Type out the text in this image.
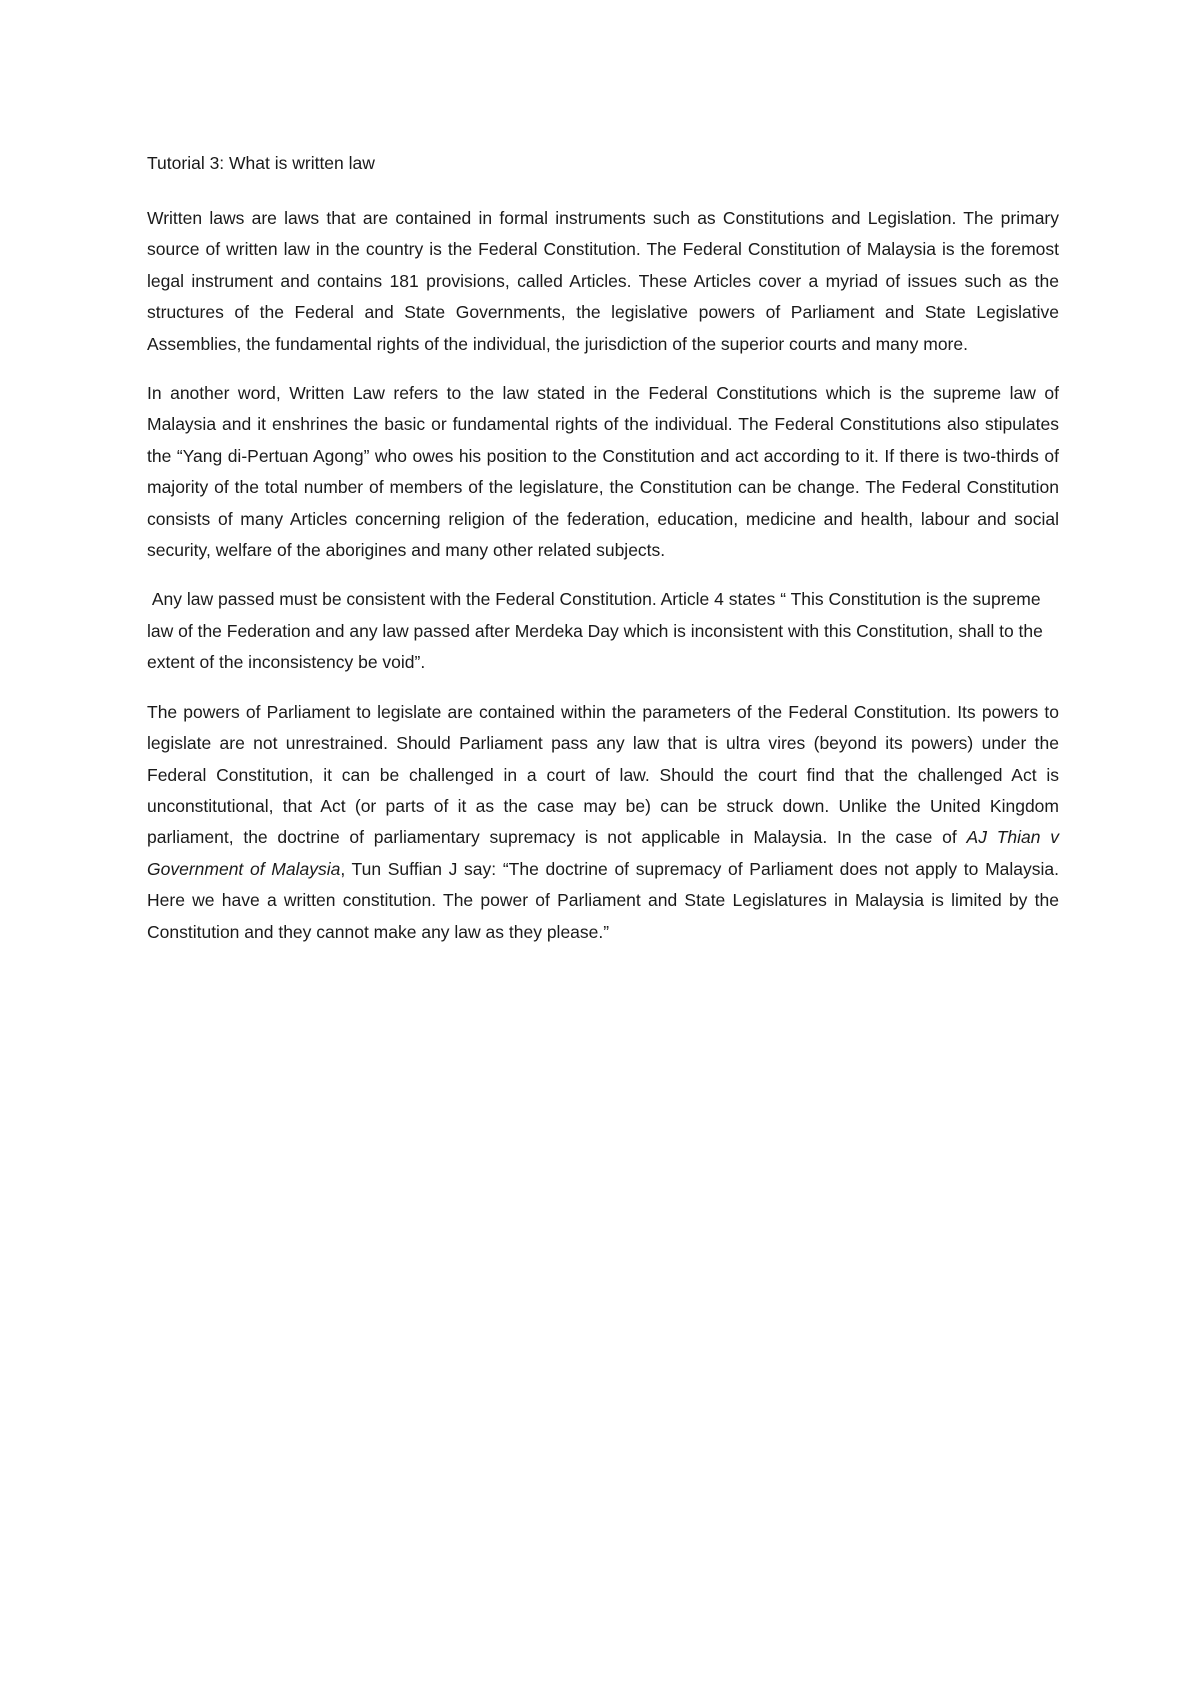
Tutorial 3: What is written law

Written laws are laws that are contained in formal instruments such as Constitutions and Legislation. The primary source of written law in the country is the Federal Constitution. The Federal Constitution of Malaysia is the foremost legal instrument and contains 181 provisions, called Articles. These Articles cover a myriad of issues such as the structures of the Federal and State Governments, the legislative powers of Parliament and State Legislative Assemblies, the fundamental rights of the individual, the jurisdiction of the superior courts and many more.

In another word, Written Law refers to the law stated in the Federal Constitutions which is the supreme law of Malaysia and it enshrines the basic or fundamental rights of the individual. The Federal Constitutions also stipulates the “Yang di-Pertuan Agong” who owes his position to the Constitution and act according to it. If there is two-thirds of majority of the total number of members of the legislature, the Constitution can be change. The Federal Constitution consists of many Articles concerning religion of the federation, education, medicine and health, labour and social security, welfare of the aborigines and many other related subjects.

Any law passed must be consistent with the Federal Constitution. Article 4 states “ This Constitution is the supreme law of the Federation and any law passed after Merdeka Day which is inconsistent with this Constitution, shall to the extent of the inconsistency be void”.

The powers of Parliament to legislate are contained within the parameters of the Federal Constitution. Its powers to legislate are not unrestrained. Should Parliament pass any law that is ultra vires (beyond its powers) under the Federal Constitution, it can be challenged in a court of law. Should the court find that the challenged Act is unconstitutional, that Act (or parts of it as the case may be) can be struck down. Unlike the United Kingdom parliament, the doctrine of parliamentary supremacy is not applicable in Malaysia. In the case of AJ Thian v Government of Malaysia, Tun Suffian J say: “The doctrine of supremacy of Parliament does not apply to Malaysia. Here we have a written constitution. The power of Parliament and State Legislatures in Malaysia is limited by the Constitution and they cannot make any law as they please.”
